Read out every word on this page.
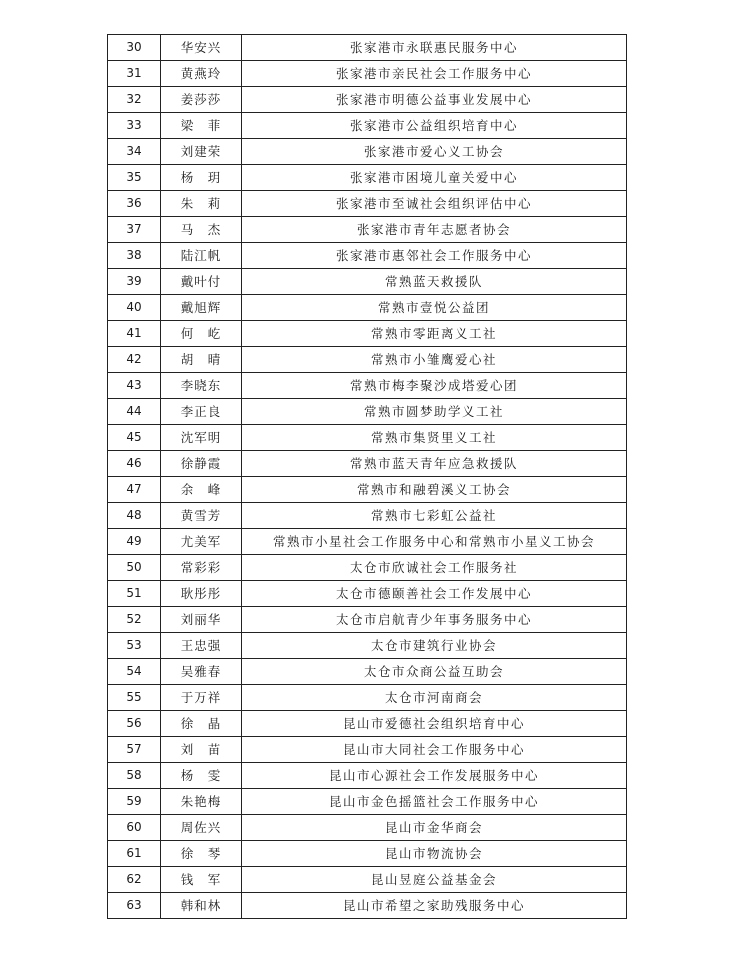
30	华安兴	张家港市永联惠民服务中心
31	黄燕玲	张家港市亲民社会工作服务中心
32	姜莎莎	张家港市明德公益事业发展中心
33	梁　菲	张家港市公益组织培育中心
34	刘建荣	张家港市爱心义工协会
35	杨　玥	张家港市困境儿童关爱中心
36	朱　莉	张家港市至诚社会组织评估中心
37	马　杰	张家港市青年志愿者协会
38	陆江帆	张家港市惠邻社会工作服务中心
39	戴叶付	常熟蓝天救援队
40	戴旭辉	常熟市壹悦公益团
41	何　屹	常熟市零距离义工社
42	胡　晴	常熟市小雏鹰爱心社
43	李晓东	常熟市梅李聚沙成塔爱心团
44	李正良	常熟市圆梦助学义工社
45	沈军明	常熟市集贤里义工社
46	徐静霞	常熟市蓝天青年应急救援队
47	余　峰	常熟市和融碧溪义工协会
48	黄雪芳	常熟市七彩虹公益社
49	尤美军	常熟市小星社会工作服务中心和常熟市小星义工协会
50	常彩彩	太仓市欣诚社会工作服务社
51	耿彤彤	太仓市德颐善社会工作发展中心
52	刘丽华	太仓市启航青少年事务服务中心
53	王忠强	太仓市建筑行业协会
54	吴雅春	太仓市众商公益互助会
55	于万祥	太仓市河南商会
56	徐　晶	昆山市爱德社会组织培育中心
57	刘　苗	昆山市大同社会工作服务中心
58	杨　雯	昆山市心源社会工作发展服务中心
59	朱艳梅	昆山市金色摇篮社会工作服务中心
60	周佐兴	昆山市金华商会
61	徐　琴	昆山市物流协会
62	钱　军	昆山昱庭公益基金会
63	韩和林	昆山市希望之家助残服务中心
